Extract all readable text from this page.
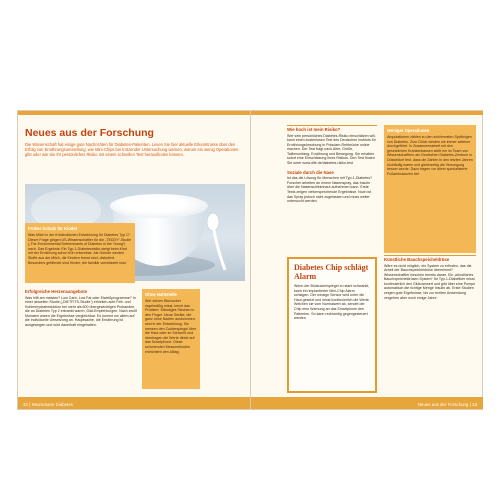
Neues aus der Forschung
Die Wissenschaft hat einige gute Nachrichten für Diabetes-Patienten. Lesen Sie hier aktuelle Erkenntnisse über den Erfolg von Ernährungsumstellung, wie Mini-Chips bei trotzender Untersuchung warnen, warum ein wenig Operationen gibt oder wie Sie Ihr persönliches Risiko mit einem schnellen Test herausfinden können.
Früher Schutz für Kinder
Was Milch in der frühkindlichen Entwicklung für Diabetes Typ 1? Dieser Frage gingen US-Wissenschaftler für die „TEDDY“-Studie („The Environmental Determinants of Diabetes in the Young“) nach. Das Ergebnis: Ein Typ-1-Diabetesrisiko steigt beim Kind mit der Ernährung schon früh erkennbar. Als Gründe werden Stoffe aus der Milch, die Kindern fremd sind, diskutiert. Besonders gefährdet sind Kinder, die familiär vorbelastet sind.
Erfolgreiche Herzensangebote
Was hilft am meisten? Low Carb, Low Fat oder Eiweißprogramme? In einer aktuellen Studie („DIETFITS-Studie“) erhielten acht Fett- und Kohlenhydratreduktion bei mehr als 600 übergewichtigen Probanden, die an Diabetes Typ 2 erkrankt waren, Diät-Empfehlungen. Nach zwölf Monaten waren die Ergebnisse vergleichbar. Es kommt vor allem auf die individuelle Umsetzung an. Hauptsache, die Ernährung ist ausgewogen und wird dauerhaft eingehalten.
Ohne Nahtstelle
Wer seinen Blutzucker regelmäßig misst, kennt das Problem: Ständiges Stechen in den Finger. Neue Geräte, die ganz ohne Nadeln auskommen, sind in der Entwicklung. Sie messen den Zuckerspiegel über die Haut oder im Schweiß und übertragen die Werte direkt auf das Smartphone. Diese schonenden Messmethoden erleichtern den Alltag.
33 | Neuromann Diabetes
Wie hoch ist mein Risiko?
Wer sein persönliches Diabetes-Risiko einschätzen will, kann einen kostenlosen Test des Deutschen Instituts für Ernährungsforschung in Potsdam-Rehbrücke online machen. Der Test fragt nach Alter, Größe, Taillenumfang, Ernährung und Bewegung. Sie erhalten sofort eine Einschätzung Ihres Risikos. Den Test finden Sie unter www.dife.de/diabetes-risiko-test
Soziale durch die Nase
Ist das die Lösung für Menschen mit Typ-1-Diabetes? Forscher arbeiten an einem Nasenspray, das Insulin über die Nasenschleimhaut aufnehmen kann. Erste Tests zeigen vielversprechende Ergebnisse. Noch ist das Spray jedoch nicht zugelassen und muss weiter untersucht werden.
Weniger Operationen
Amputationen zählen zu den schlimmsten Spätfolgen von Diabetes. Zum Glück werden sie immer seltener durchgeführt. In Zusammenarbeit mit den gesetzlichen Krankenkassen stellt ein im Team von Wissenschaftlern am Deutschen Diabetes-Zentrum in Düsseldorf fest, dass die Zahlen in den letzten Jahren rückläufig waren und gleichzeitig die Versorgung besser wurde. Dazu tragen vor allem spezialisierte Fußambulanzen bei.
Diabetes Chip schlägt Alarm
Wenn der Blutzuckerspiegel zu stark schwankt, kann ein implantierter Mini-Chip Alarm schlagen. Der winzige Sensor wird unter die Haut gesetzt und misst kontinuierlich die Werte. Weichen sie vom Normalwert ab, sendet der Chip eine Warnung an das Smartphone des Patienten. So kann rechtzeitig gegengesteuert werden.
Künstliche Bauchspeicheldrüse
Wäre es nicht möglich, ein System zu erfinden, das die Arbeit der Bauchspeicheldrüse übernimmt? Wissenschaftler forschen bereits daran. Ein „künstliches Bauchspeicheldrüsen-System“ für Typ-1-Diabetiker misst kontinuierlich den Glukosewert und gibt über eine Pumpe automatisch die richtige Menge Insulin ab. Erste Studien zeigen gute Ergebnisse, bis zur breiten Anwendung vergehen aber noch einige Jahre.
Neues aus der Forschung | 33
